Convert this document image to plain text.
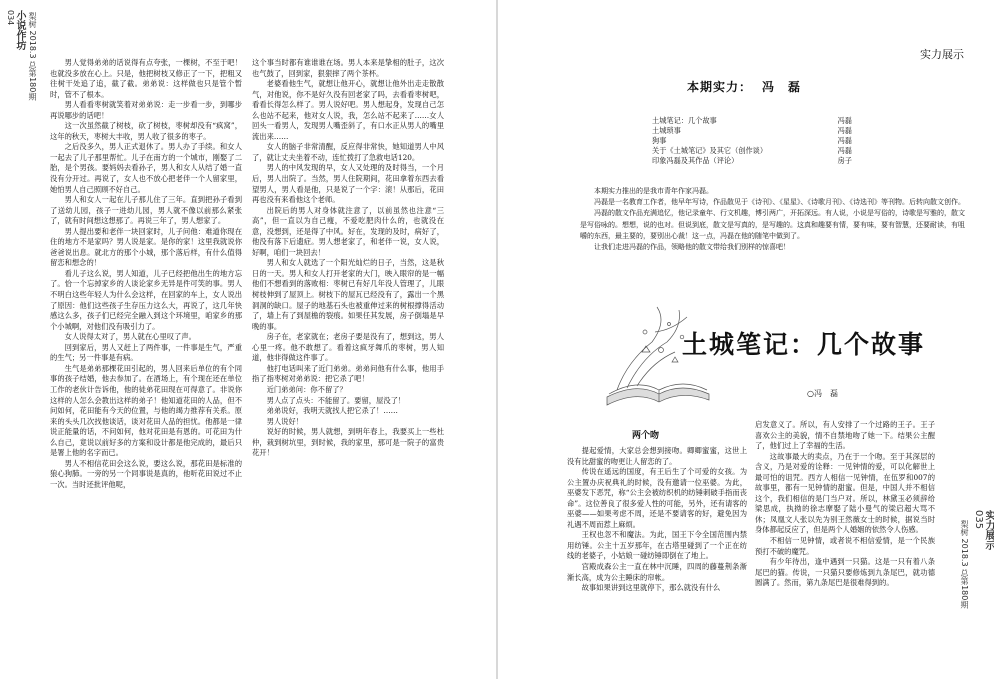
小说作坊
034	梨树 2018.3 总第180期	男人觉得弟弟的话说得有点夸张，一棵树，不至于吧！也就没多放在心上。只是，他把树枝又修正了一下，把粗又往树干处追了追，截了截。弟弟说：这样做也只是管个暂时，管不了根本。

男人看看枣树就笑着对弟弟说：走一步看一步，到哪步再说哪步的话吧！

这一次虽然截了树枝，砍了树枝，枣树却没有“疯窝”，这年的秋天，枣树大丰收，男人收了很多的枣子。

之后没多久，男人正式退休了。男人办了手续。和女人一起去了儿子那里帮忙。儿子在南方的一个城市，刚娶了二胎，是个男孩。要妈妈去看孙子，男人和女人从结了婚一直没有分开过。再说了，女人也不放心把老伴一个人留家里，她怕男人自己照顾不好自己。

男人和女人一起在儿子那儿住了三年。直到把孙子看到了送幼儿园，孩子一进幼儿园，男人就不像以前那么紧张了，就有时间想这想那了。再说三年了，男人想家了。

男人提出要和老伴一块回家时，儿子问他：难道你现在住的地方不是家吗？男人说是家。是你的家！这里我就说你爸爸说出息。就北方的那个小城，那个落后样，有什么值得留恋和想念的！

看儿子这么说，男人知道，儿子已经把他出生的地方忘了。恰一个忘掉家乡的人谈论家乡无异是件可笑的事。男人不明白这些年轻人为什么会这样，在回家的车上，女人说出了原因：他们这些孩子生存压力这么大，再说了，这几年快感这么多，孩子们已经完全融入到这个环境里，咱家乡的那个小城啊，对他们没有吸引力了。

女人说得太对了，男人就在心里叹了声。

回到家后，男人又赶上了两件事，一件事是生气，严重的生气；另一件事是有病。

生气是弟弟那棵花田引起的，男人回来后单位的有个同事的孩子结婚，他去参加了。在酒场上，有个现在还在单位工作的老伙计告诉他，他的徒弟花田现在可得意了。非说你这样的人怎么会教出这样的弟子！他知道花田的人品，但不问如何，花田能有今天的位置，与他的竭力推荐有关系。原来的头头几次找他谈话，谈对花田人品的担忧。他都是一律说正能量的话，不问如何，他对花田是有恩的。可花田为什么自己，竟说以前好多的方案和设计都是他完成的，最后只是署上他的名字而已。

男人不相信花田会这么说，要这么说，那花田是标准的狼心狗肺。一旁的另一个同事说是真的，他听花田说过不止一次。当时还批评他呢，

这个事当时都有谁谁谁在场。男人本来是挚相的肚子，这次也气鼓了，回到家，狠狠摔了两个茶杯。

老婆看他生气，就想让他开心，就想让他外出走走散散气，对他说，你不是好久没有回老家了吗，去看看枣树吧，看看长得怎么样了。男人说好吧。男人想起身，发现自己怎么也站不起来，他对女人说，我，怎么站不起来了……女人回头一看男人，发现男人嘴歪斜了，有口水正从男人的嘴里流出来……

女人的脑子非常清醒，反应得非常快，她知道男人中风了，就让丈夫坐着不动，连忙拨打了急救电话120。

男人的中风发现的早，女人又处理的及时得当，一个月后，男人出院了。当然，男人住院期间，花田拿着东西去看望男人，男人看是他，只是说了一个字：滚！从那后，花田再也没有来看他这个老师。

出院后的男人对身体就注意了，以前虽然也注意“三高”，但一直以为自己瘦，不爱吃肥肉什么的，也就没在意，没想到，还是得了中风。好在，发现的及时，病好了，他没有落下后遗症。男人想老家了，和老伴一说，女人说，好啊，咱们一块回去！

男人和女人就选了一个阳光灿烂的日子，当然，这是秋日的一天。男人和女人打开老家的大门，映入眼帘的是一幅他们不想看到的落败相：枣树已有好几年没人管理了，儿眼树枝伸到了屋顶上。树枝下的屋瓦已经没有了，露出一个黑洞洞的缺口。屋子的地基石头也被重伸过来的树根撑得活动了，墙上有了到屋檐的裂痕。如果任其发展，房子倒塌是早晚的事。

房子在，老家就在；老房子要是没有了，想到这，男人心里一疼。他不敢想了。看着这疯牙舞爪的枣树，男人知道，他非得做这件事了。

他打电话叫来了近门弟弟。弟弟问他有什么事，他用手指了指枣树对弟弟说：把它杀了吧！

近门弟弟问：你不留了？

男人点了点头：不能留了。要留，屋没了！

弟弟说好，我明天就找人把它杀了！……

男人说好！

说好的时候，男人就想，到明年春上，我要买上一些杜仲，栽到树坑里，到时候，我的家里，那可是一院子的富贵花开！

实力展示
本期实力： 冯　磊
土城笔记：几个故事	冯磊
土城琐事	冯磊
狗事	冯磊
关于《土城笔记》及其它（创作谈）	冯磊
印象冯磊及其作品（评论）	房子

本期实力推出的是我市青年作家冯磊。

冯磊是一名教育工作者，他早年写诗，作品散见于《诗刊》、《星星》、《诗歌月刊》、《诗选刊》等刊物。后转向散文创作。

冯磊的散文作品充满追忆，他记录童年、行文机趣，博引两广，开拓深远。有人说，小说是写俗的，诗歌是写雅的，散文是写俗咏的。想想，说的也对。但说到底，散文是写真的，是写趣的。这真和趣要有情，要有味，要有智慧，还要耐读，有咀嚼的东西，最主要的，要别出心裁！这一点，冯磊在他的随笔中做到了。

让我们走进冯磊的作品，领略他的散文带给我们别样的惊喜吧！

土城笔记：几个故事
○冯　磊
两个吻

提起爱情，大家总会想到接吻。卿卿蜜蜜，这世上没有比甜蜜的吻更让人留恋的了。

传说在遥远的国度，有王后生了个可爱的女孩。为公主置办庆祝典礼的时候，没有邀请一位巫婆。为此，巫婆发下恶咒，称“公主会被纺织机的纺锤刺破手指而丧命”。这位善良了很多爱人性的可能，另外，还有请客的巫婆——如果考虑不周，还是不要请客的好，避免因为礼遇不周而惹上麻烦。

王权也忽不和魔法。为此，国王下令全国范围内禁用纺锤。公主十五岁那年，在古塔里碰到了一个正在纺线的老婆子，小姑娘一碰纺锤即倒在了地上。

宫殿成森公主一直在林中沉睡，四周的藤蔓荆条渐渐长高，成为公主睡床的帘帐。

故事如果讲到这里就停下，那么就没有什么

启发意义了。所以，有人安排了一个过路的王子。王子喜欢公主的美貌，情不自禁地吻了她一下。结果公主醒了，他们过上了幸福的生活。

这故事最大的卖点，乃在于一个吻。至于其深层的含义，乃是对爱的诠释：一见钟情的爱，可以化解世上最可怕的诅咒。西方人相信一见钟情，在伍罗和007的故事里，都有一见钟情的甜蜜。但是，中国人并不相信这个，我们相信的是门当户对。所以，林黛玉必须辞给梁思成，执拗的徐志摩娶了陆小曼气的梁启超大骂不休；凤凰文人张以先为别王然薇女士的时候，据说当时身体都起反应了，但是两个人婚姻的依然令人伤感。

不相信一见钟情，或者说不相信爱情，是一个民族预打不破的魔咒。

有少年待出，逢中遇到一只猫。这是一只有着八条尾巴的猫。传说，一只猫只要修炼到九条尾巴，就功德圆满了。然而，第九条尾巴是很难得到的。

实力展示
035
梨树 2018.3 总第180期
